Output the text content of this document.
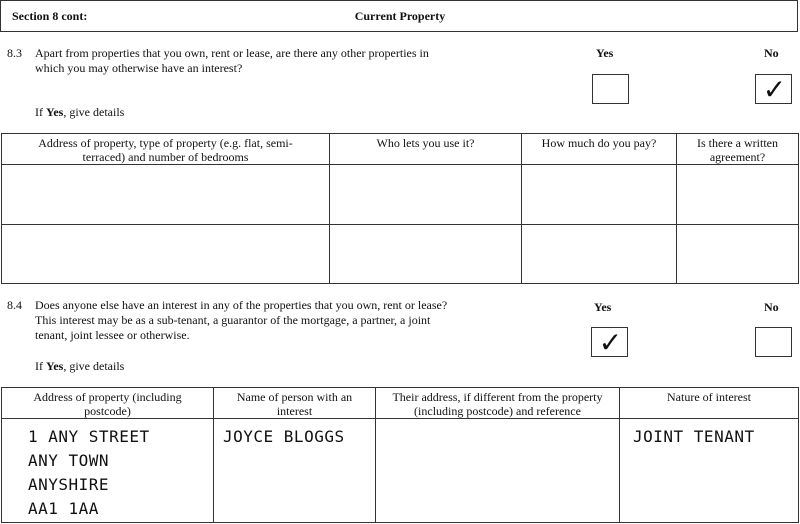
Section 8 cont:	Current Property
8.3 Apart from properties that you own, rent or lease, are there any other properties in
which you may otherwise have an interest?
If Yes, give details
Yes	No
✓
Address of property, type of property (e.g. flat, semi-terraced) and number of bedrooms	Who lets you use it?	How much do you pay?	Is there a written agreement?

8.4 Does anyone else have an interest in any of the properties that you own, rent or lease?
This interest may be as a sub-tenant, a guarantor of the mortgage, a partner, a joint
tenant, joint lessee or otherwise.
If Yes, give details
Yes	No
✓
Address of property (including postcode)	Name of person with an interest	Their address, if different from the property (including postcode) and reference	Nature of interest

1 ANY STREET
ANY TOWN
ANYSHIRE
AA1 1AA	JOYCE BLOGGS		JOINT TENANT
